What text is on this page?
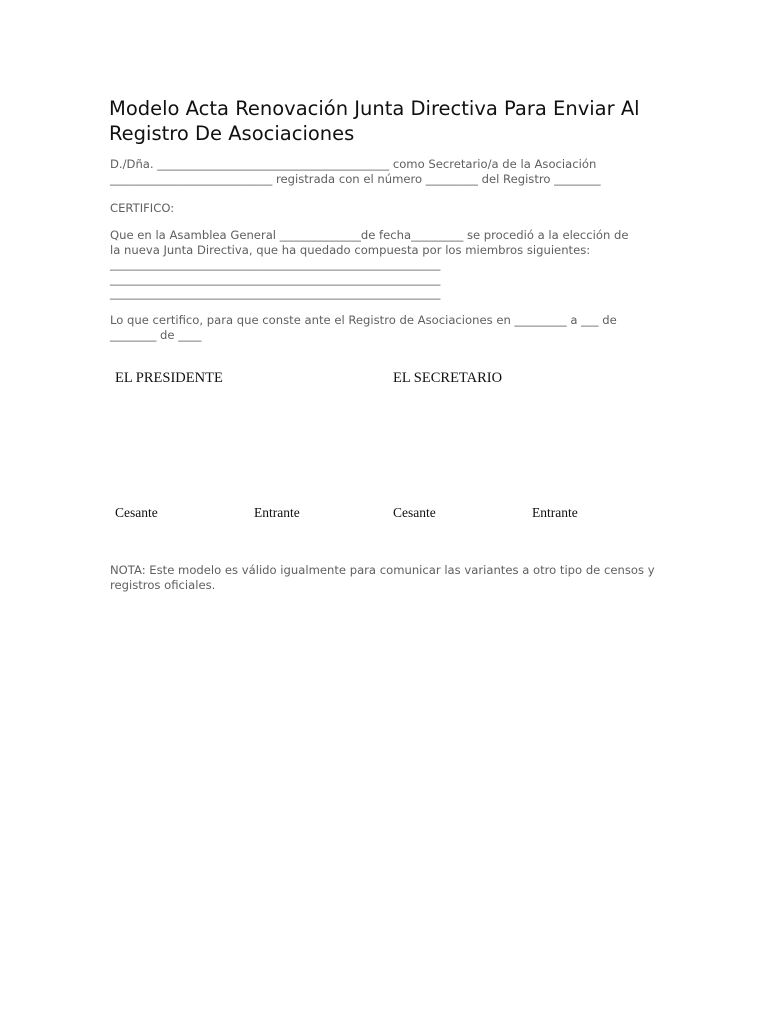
Modelo Acta Renovación Junta Directiva Para Enviar Al
Registro De Asociaciones
D./Dña. ________________________________________ como Secretario/a de la Asociación
____________________________ registrada con el número _________ del Registro ________
CERTIFICO:
Que en la Asamblea General ______________de fecha_________ se procedió a la elección de
la nueva Junta Directiva, que ha quedado compuesta por los miembros siguientes:
_________________________________________________________
_________________________________________________________
_________________________________________________________
Lo que certifico, para que conste ante el Registro de Asociaciones en _________ a ___ de
________ de ____
EL PRESIDENTE	EL SECRETARIO
Cesante	Entrante	Cesante	Entrante
NOTA: Este modelo es válido igualmente para comunicar las variantes a otro tipo de censos y
registros oficiales.
